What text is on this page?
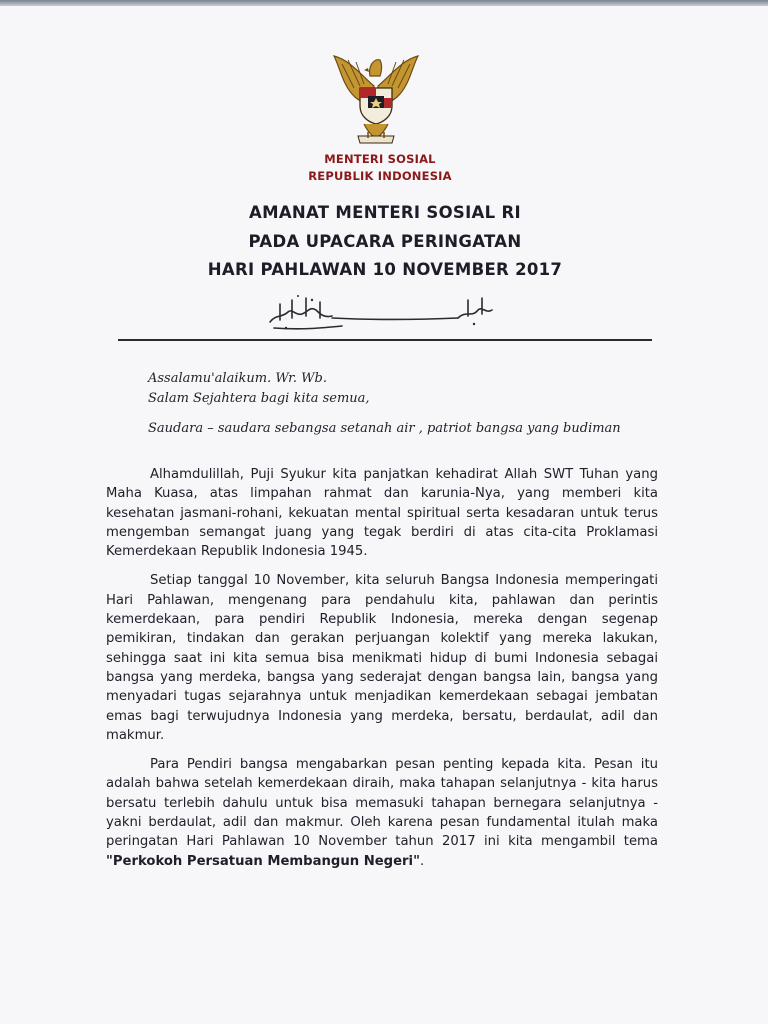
MENTERI SOSIAL
REPUBLIK INDONESIA
AMANAT MENTERI SOSIAL RI
PADA UPACARA PERINGATAN
HARI PAHLAWAN 10 NOVEMBER 2017
Assalamu'alaikum. Wr. Wb.
Salam Sejahtera bagi kita semua,
Saudara – saudara sebangsa setanah air , patriot bangsa yang budiman

Alhamdulillah, Puji Syukur kita panjatkan kehadirat Allah SWT Tuhan yang Maha Kuasa, atas limpahan rahmat dan karunia-Nya, yang memberi kita kesehatan jasmani-rohani, kekuatan mental spiritual serta kesadaran untuk terus mengemban semangat juang yang tegak berdiri di atas cita-cita Proklamasi Kemerdekaan Republik Indonesia 1945.

Setiap tanggal 10 November, kita seluruh Bangsa Indonesia memperingati Hari Pahlawan, mengenang para pendahulu kita, pahlawan dan perintis kemerdekaan, para pendiri Republik Indonesia, mereka dengan segenap pemikiran, tindakan dan gerakan perjuangan kolektif yang mereka lakukan, sehingga saat ini kita semua bisa menikmati hidup di bumi Indonesia sebagai bangsa yang merdeka, bangsa yang sederajat dengan bangsa lain, bangsa yang menyadari tugas sejarahnya untuk menjadikan kemerdekaan sebagai jembatan emas bagi terwujudnya Indonesia yang merdeka, bersatu, berdaulat, adil dan makmur.

Para Pendiri bangsa mengabarkan pesan penting kepada kita. Pesan itu adalah bahwa setelah kemerdekaan diraih, maka tahapan selanjutnya - kita harus bersatu terlebih dahulu untuk bisa memasuki tahapan bernegara selanjutnya - yakni berdaulat, adil dan makmur. Oleh karena pesan fundamental itulah maka peringatan Hari Pahlawan 10 November tahun 2017 ini kita mengambil tema "Perkokoh Persatuan Membangun Negeri".
